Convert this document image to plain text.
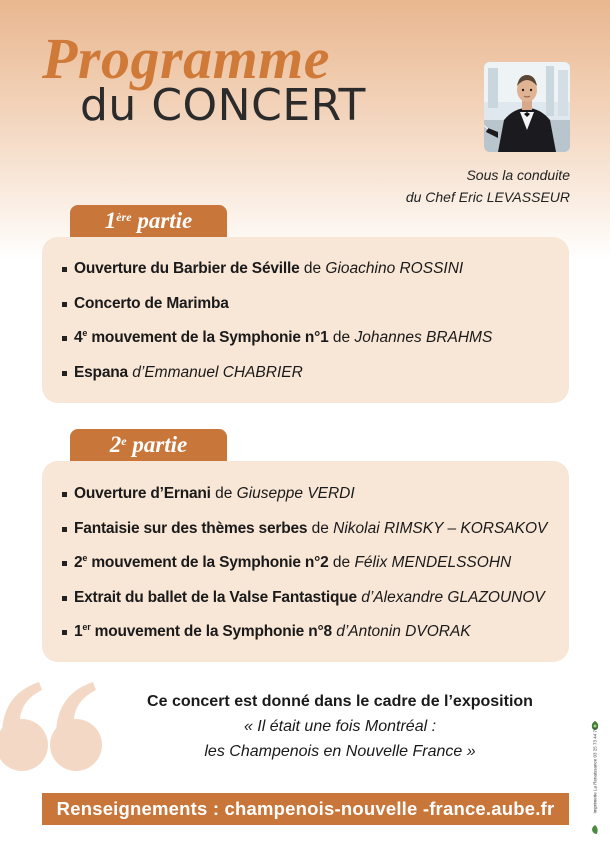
Programme
du CONCERT
Sous la conduite
du Chef Eric LEVASSEUR
1ère partie
Ouverture du Barbier de Séville de Gioachino ROSSINI
Concerto de Marimba
4e mouvement de la Symphonie n°1 de Johannes BRAHMS
Espana d’Emmanuel CHABRIER
2e partie
Ouverture d’Ernani de Giuseppe VERDI
Fantaisie sur des thèmes serbes de Nikolai RIMSKY – KORSAKOV
2e mouvement de la Symphonie n°2 de Félix MENDELSSOHN
Extrait du ballet de la Valse Fantastique d’Alexandre GLAZOUNOV
1er mouvement de la Symphonie n°8 d’Antonin DVORAK
Ce concert est donné dans le cadre de l’exposition
« Il était une fois Montréal :
les Champenois en Nouvelle France »
Renseignements : champenois-nouvelle -france.aube.fr	Imprimerie La Renaissance 03 25 73 44 78
